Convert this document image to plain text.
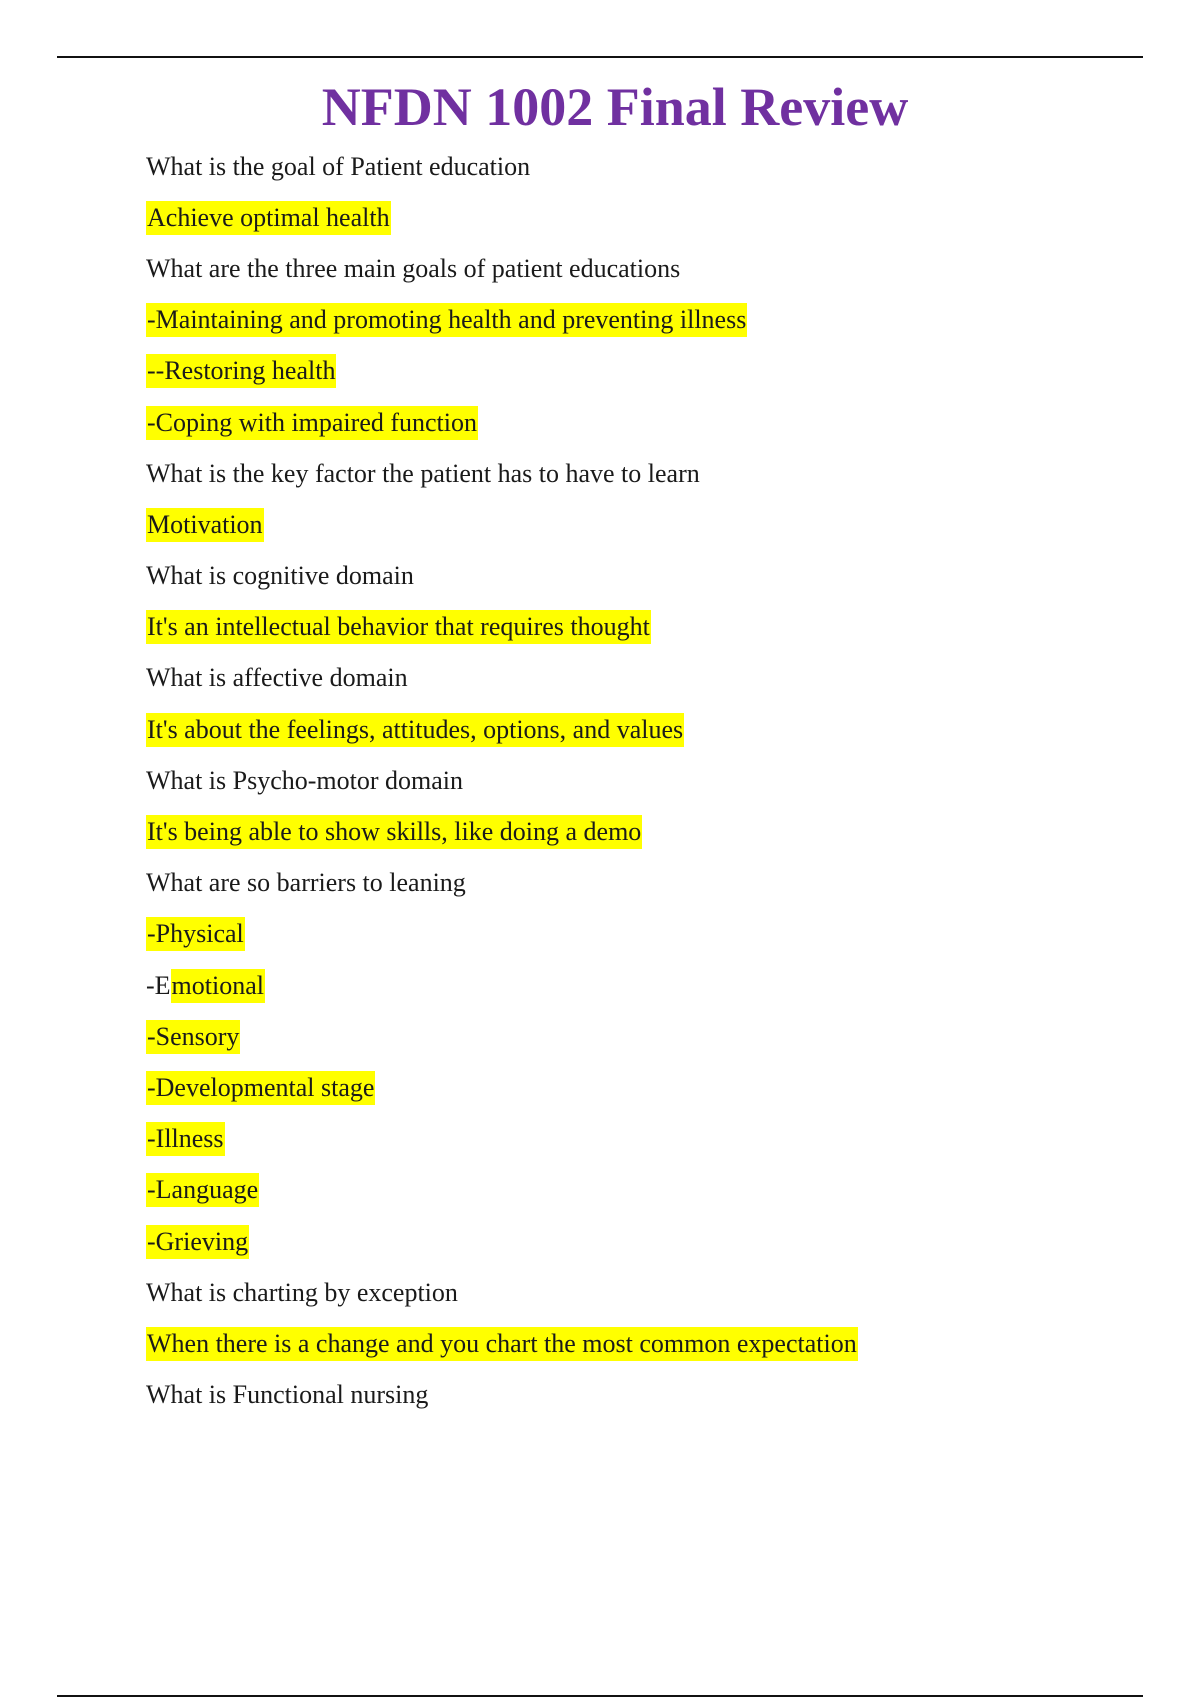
NFDN 1002 Final Review
What is the goal of Patient education
Achieve optimal health
What are the three main goals of patient educations
-Maintaining and promoting health and preventing illness
--Restoring health
-Coping with impaired function
What is the key factor the patient has to have to learn
Motivation
What is cognitive domain
It's an intellectual behavior that requires thought
What is affective domain
It's about the feelings, attitudes, options, and values
What is Psycho-motor domain
It's being able to show skills, like doing a demo
What are so barriers to leaning
-Physical
-E motional
-Sensory
-Developmental stage
-Illness
-Language
-Grieving
What is charting by exception
When there is a change and you chart the most common expectation
What is Functional nursing
